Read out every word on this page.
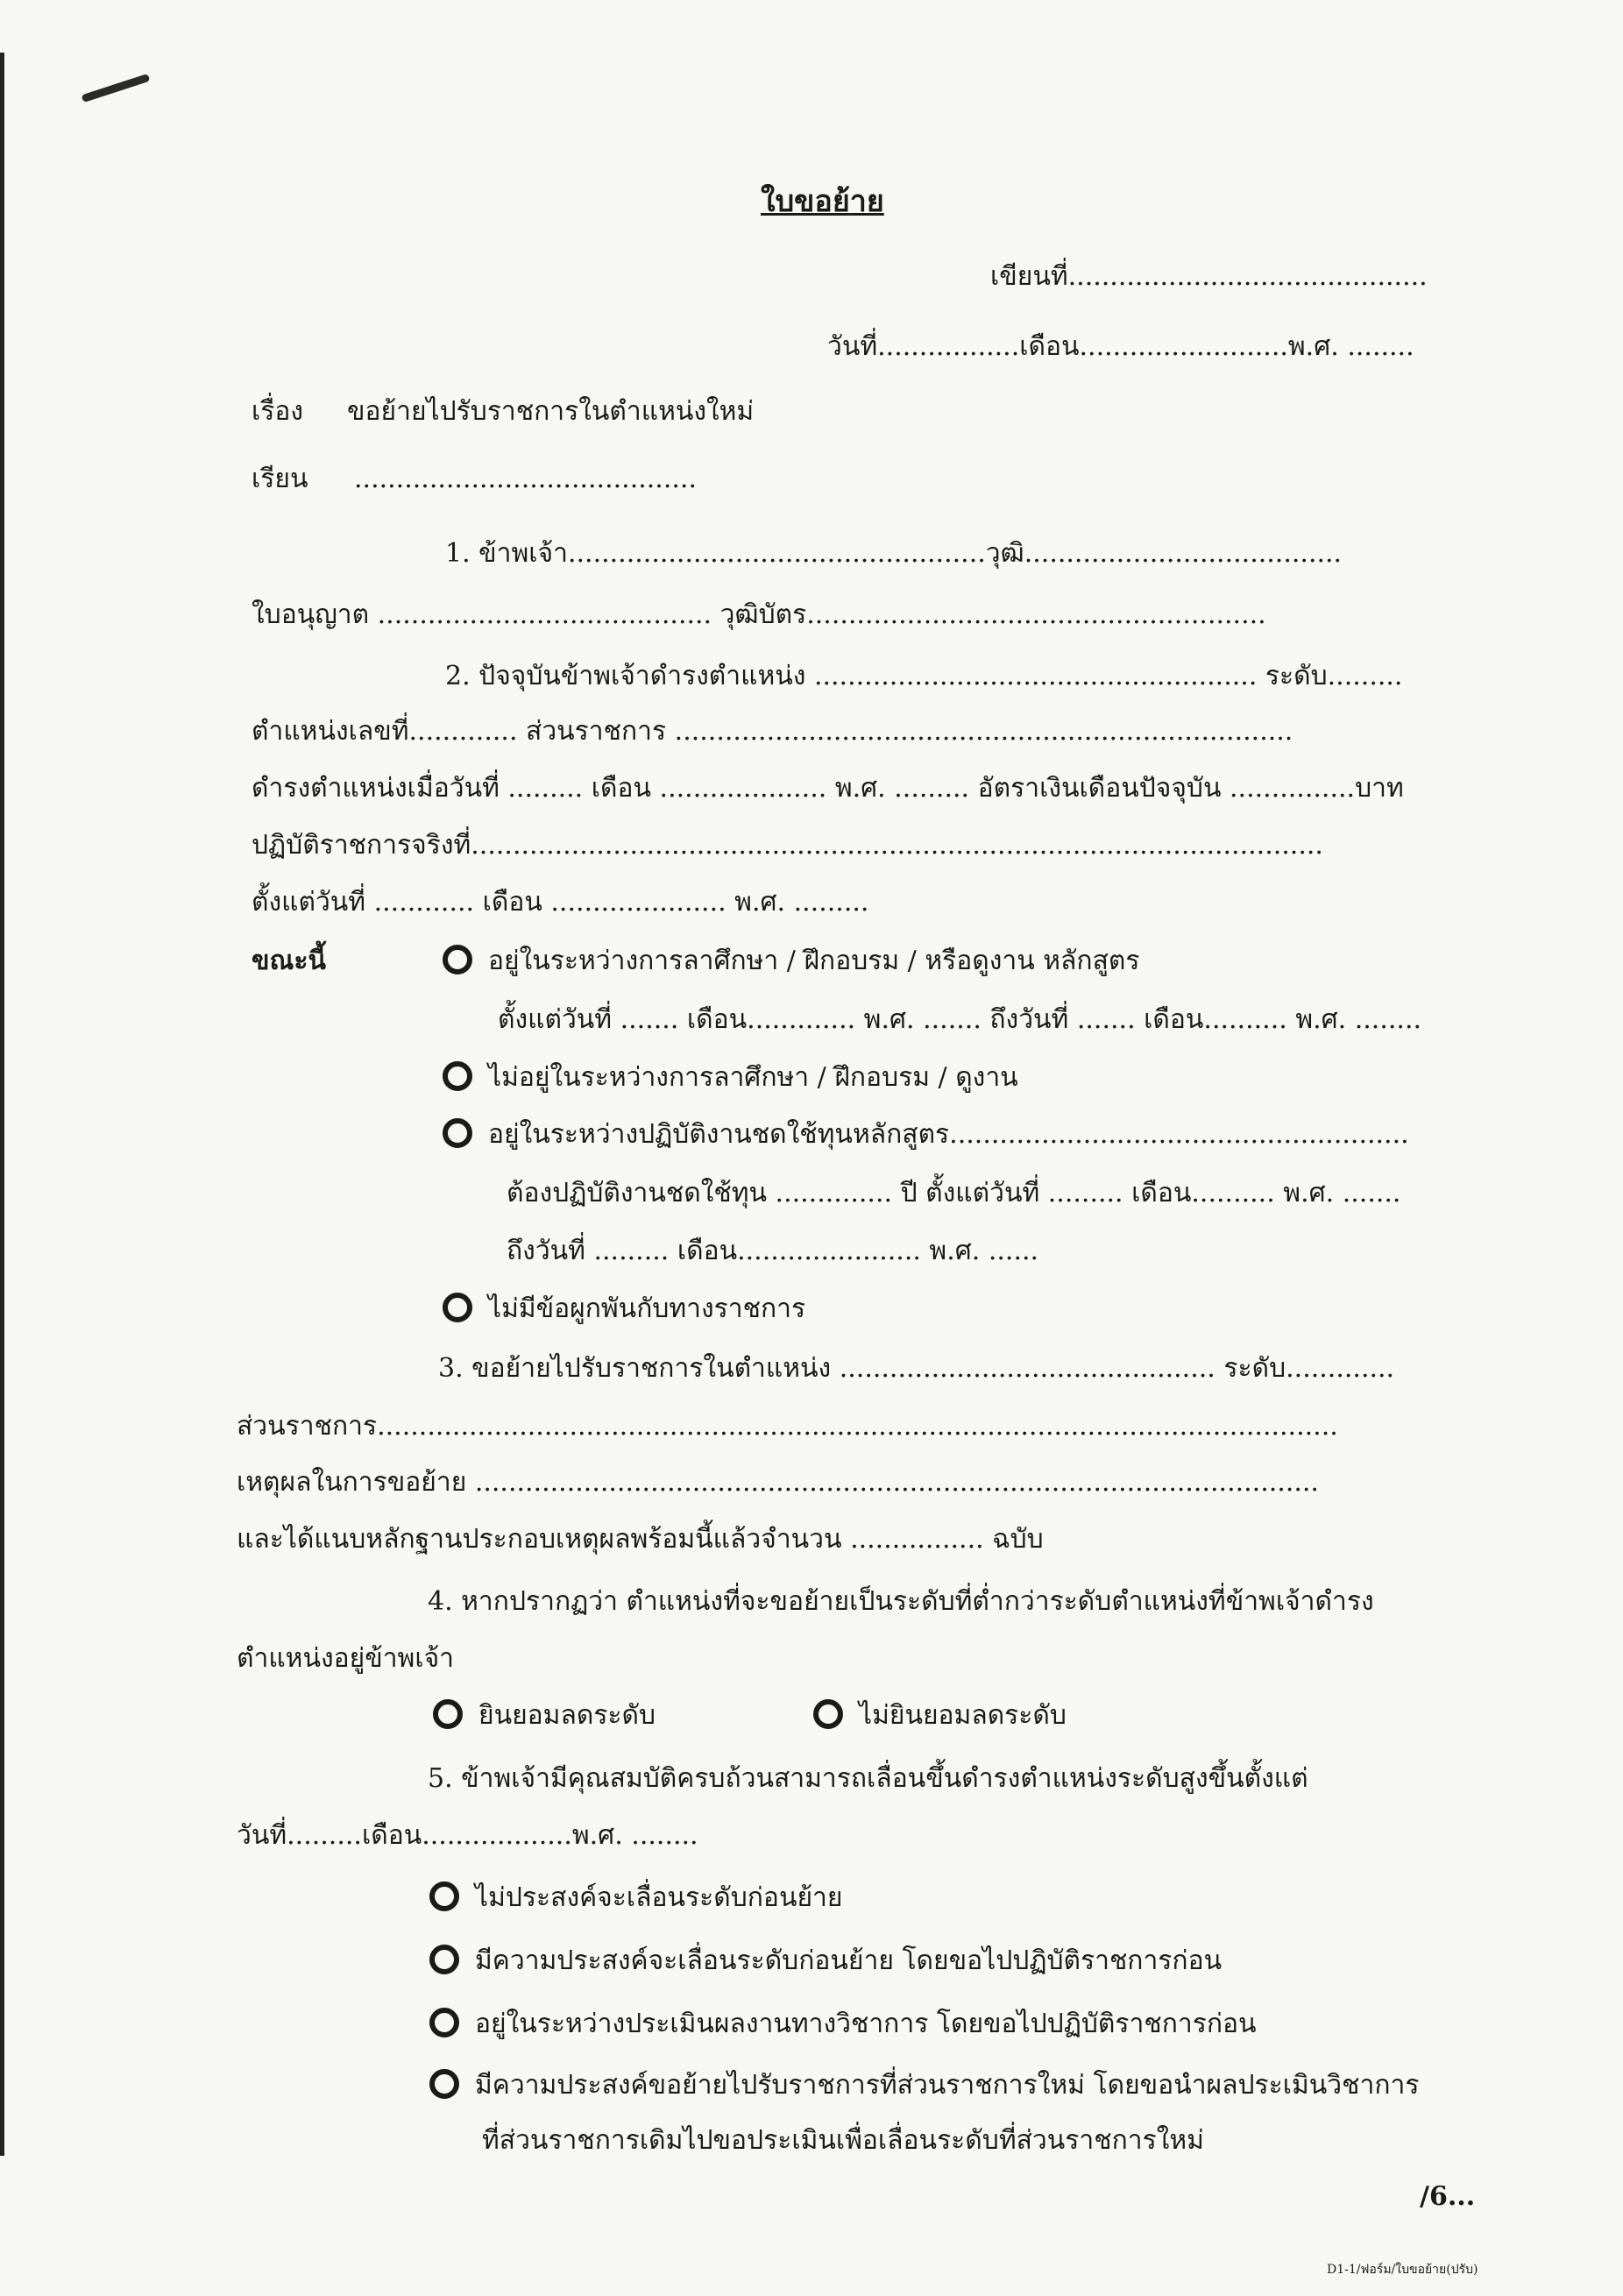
ใบขอย้าย
เขียนที่...........................................
วันที่.................เดือน.........................พ.ศ. ........
เรื่อง ขอย้ายไปรับราชการในตำแหน่งใหม่
เรียน .........................................
1. ข้าพเจ้า..................................................วุฒิ......................................
ใบอนุญาต ........................................ วุฒิบัตร.......................................................
2. ปัจจุบันข้าพเจ้าดำรงตำแหน่ง ..................................................... ระดับ.........
ตำแหน่งเลขที่............. ส่วนราชการ ..........................................................................
ดำรงตำแหน่งเมื่อวันที่ ......... เดือน .................... พ.ศ. ......... อัตราเงินเดือนปัจจุบัน ...............บาท
ปฏิบัติราชการจริงที่......................................................................................................
ตั้งแต่วันที่ ............ เดือน ..................... พ.ศ. .........
ขณะนี้	อยู่ในระหว่างการลาศึกษา / ฝึกอบรม / หรือดูงาน หลักสูตร
ตั้งแต่วันที่ ....... เดือน............. พ.ศ. ....... ถึงวันที่ ....... เดือน.......... พ.ศ. ........
ไม่อยู่ในระหว่างการลาศึกษา / ฝึกอบรม / ดูงาน
อยู่ในระหว่างปฏิบัติงานชดใช้ทุนหลักสูตร.......................................................
ต้องปฏิบัติงานชดใช้ทุน .............. ปี ตั้งแต่วันที่ ......... เดือน.......... พ.ศ. .......
ถึงวันที่ ......... เดือน...................... พ.ศ. ......
ไม่มีข้อผูกพันกับทางราชการ
3. ขอย้ายไปรับราชการในตำแหน่ง ............................................. ระดับ.............
ส่วนราชการ...................................................................................................................
เหตุผลในการขอย้าย .....................................................................................................
และได้แนบหลักฐานประกอบเหตุผลพร้อมนี้แล้วจำนวน ................ ฉบับ
4. หากปรากฏว่า ตำแหน่งที่จะขอย้ายเป็นระดับที่ต่ำกว่าระดับตำแหน่งที่ข้าพเจ้าดำรง
ตำแหน่งอยู่ข้าพเจ้า
ยินยอมลดระดับ	ไม่ยินยอมลดระดับ
5. ข้าพเจ้ามีคุณสมบัติครบถ้วนสามารถเลื่อนขึ้นดำรงตำแหน่งระดับสูงขึ้นตั้งแต่
วันที่.........เดือน..................พ.ศ. ........
ไม่ประสงค์จะเลื่อนระดับก่อนย้าย
มีความประสงค์จะเลื่อนระดับก่อนย้าย โดยขอไปปฏิบัติราชการก่อน
อยู่ในระหว่างประเมินผลงานทางวิชาการ โดยขอไปปฏิบัติราชการก่อน
มีความประสงค์ขอย้ายไปรับราชการที่ส่วนราชการใหม่ โดยขอนำผลประเมินวิชาการ
ที่ส่วนราชการเดิมไปขอประเมินเพื่อเลื่อนระดับที่ส่วนราชการใหม่
/6...
D1-1/ฟอร์ม/ใบขอย้าย(ปรับ)
